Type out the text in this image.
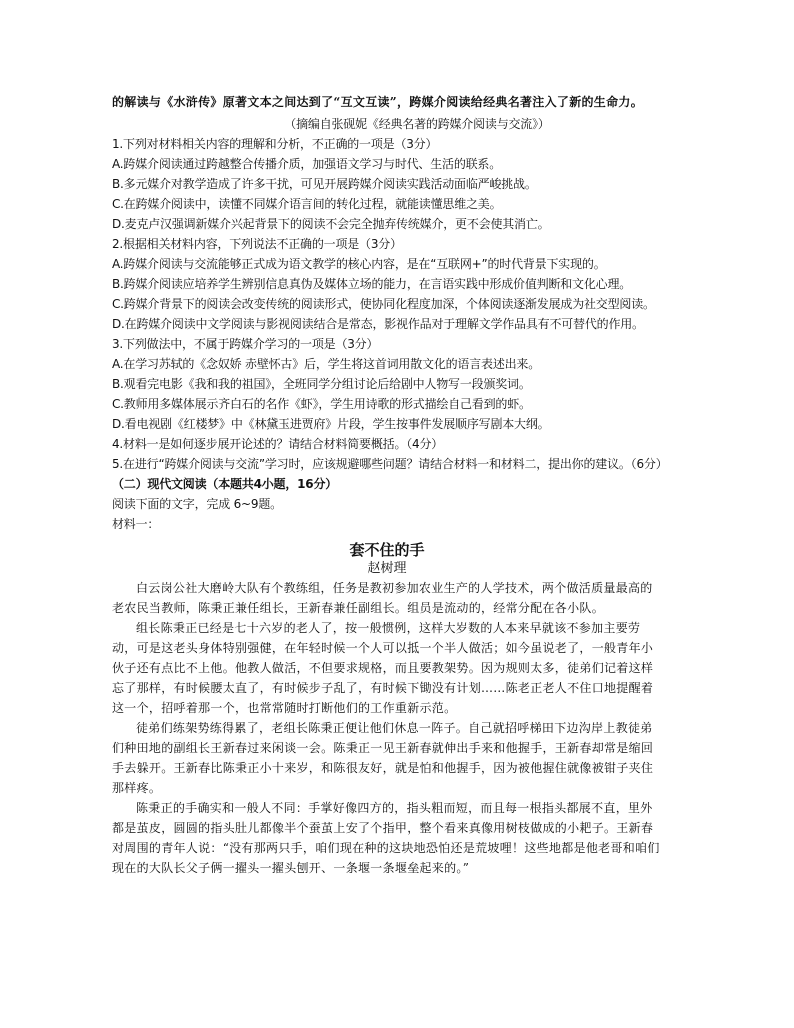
的解读与《水浒传》原著文本之间达到了“互文互读”，跨媒介阅读给经典名著注入了新的生命力。

（摘编自张砚妮《经典名著的跨媒介阅读与交流》）

1.下列对材料相关内容的理解和分析，不正确的一项是（3分）

A.跨媒介阅读通过跨越整合传播介质，加强语文学习与时代、生活的联系。

B.多元媒介对教学造成了许多干扰，可见开展跨媒介阅读实践活动面临严峻挑战。

C.在跨媒介阅读中，读懂不同媒介语言间的转化过程，就能读懂思维之美。

D.麦克卢汉强调新媒介兴起背景下的阅读不会完全抛弃传统媒介，更不会使其消亡。

2.根据相关材料内容，下列说法不正确的一项是（3分）

A.跨媒介阅读与交流能够正式成为语文教学的核心内容，是在“互联网+”的时代背景下实现的。

B.跨媒介阅读应培养学生辨别信息真伪及媒体立场的能力，在言语实践中形成价值判断和文化心理。

C.跨媒介背景下的阅读会改变传统的阅读形式，使协同化程度加深，个体阅读逐渐发展成为社交型阅读。

D.在跨媒介阅读中文学阅读与影视阅读结合是常态，影视作品对于理解文学作品具有不可替代的作用。

3.下列做法中，不属于跨媒介学习的一项是（3分）

A.在学习苏轼的《念奴娇 赤壁怀古》后，学生将这首词用散文化的语言表述出来。

B.观看完电影《我和我的祖国》，全班同学分组讨论后给剧中人物写一段颁奖词。

C.教师用多媒体展示齐白石的名作《虾》，学生用诗歌的形式描绘自己看到的虾。

D.看电视剧《红楼梦》中《林黛玉进贾府》片段，学生按事件发展顺序写剧本大纲。

4.材料一是如何逐步展开论述的？请结合材料简要概括。（4分）

5.在进行“跨媒介阅读与交流”学习时，应该规避哪些问题？请结合材料一和材料二，提出你的建议。（6分）

（二）现代文阅读（本题共4小题，16分）

阅读下面的文字，完成 6~9题。

材料一：

套不住的手
赵树理

白云岗公社大磨岭大队有个教练组，任务是教初参加农业生产的人学技术，两个做活质量最高的老农民当教师，陈秉正兼任组长，王新春兼任副组长。组员是流动的，经常分配在各小队。

组长陈秉正已经是七十六岁的老人了，按一般惯例，这样大岁数的人本来早就该不参加主要劳动，可是这老头身体特别强健，在年轻时候一个人可以抵一个半人做活；如今虽说老了，一般青年小伙子还有点比不上他。他教人做活，不但要求规格，而且要教架势。因为规则太多，徒弟们记着这样忘了那样，有时候腰太直了，有时候步子乱了，有时候下锄没有计划……陈老正老人不住口地提醒着这一个，招呼着那一个，也常常随时打断他们的工作重新示范。

徒弟们练架势练得累了，老组长陈秉正便让他们休息一阵子。自己就招呼梯田下边沟岸上教徒弟们种田地的副组长王新春过来闲谈一会。陈秉正一见王新春就伸出手来和他握手，王新春却常是缩回手去躲开。王新春比陈秉正小十来岁，和陈很友好，就是怕和他握手，因为被他握住就像被钳子夹住那样疼。

陈秉正的手确实和一般人不同：手掌好像四方的，指头粗而短，而且每一根指头都展不直，里外都是茧皮，圆圆的指头肚儿都像半个蚕茧上安了个指甲，整个看来真像用树枝做成的小耙子。王新春对周围的青年人说：“没有那两只手，咱们现在种的这块地恐怕还是荒坡哩！这些地都是他老哥和咱们现在的大队长父子俩一擢头一擢头刨开、一条堰一条堰垒起来的。”
